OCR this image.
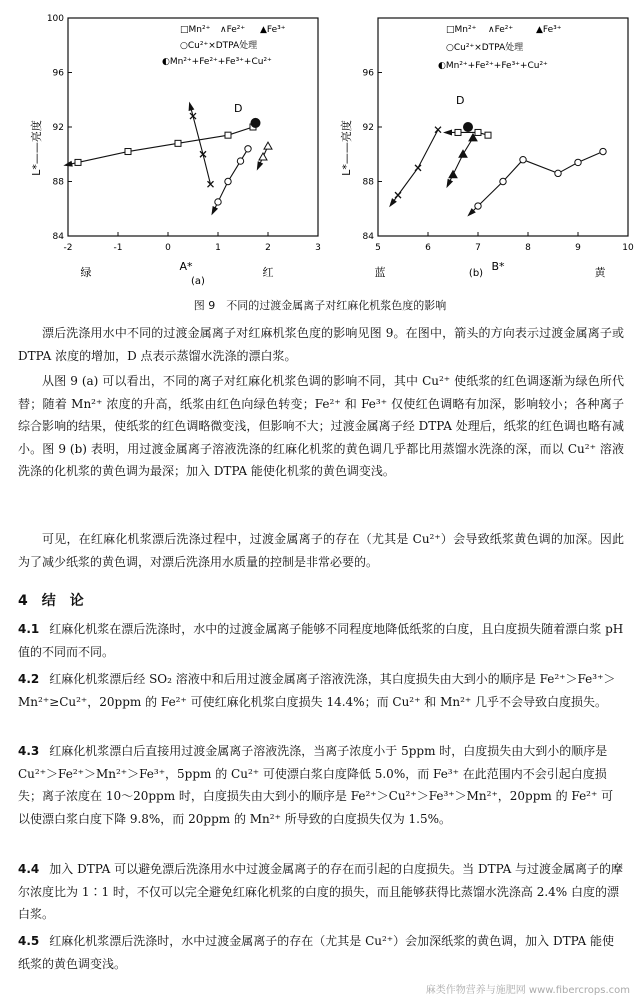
-2	-1	0	1	2	3
84
88
92
96
100
L*——亮度
绿	A*
(a)
红
□Mn²⁺ ∧Fe²⁺ ▲Fe³⁺
○Cu²⁺×DTPA处理
◐Mn²⁺+Fe²⁺+Fe³⁺+Cu²⁺
D
5	6	7	8	9	10
84
88
92
96
L*——亮度
蓝	B*
(b)	黄
□Mn²⁺ ∧Fe²⁺	▲Fe³⁺
○Cu²⁺×DTPA处理
◐Mn²⁺+Fe²⁺+Fe³⁺+Cu²⁺
D
图 9　不同的过渡金属离子对红麻化机浆色度的影响
漂后洗涤用水中不同的过渡金属离子对红麻机浆色度的影响见图 9。在图中，箭头的方向表示过渡金属离子或 DTPA 浓度的增加，D 点表示蒸馏水洗涤的漂白浆。
从图 9 (a) 可以看出，不同的离子对红麻化机浆色调的影响不同，其中 Cu²⁺ 使纸浆的红色调逐渐为绿色所代替；随着 Mn²⁺ 浓度的升高，纸浆由红色向绿色转变；Fe²⁺ 和 Fe³⁺ 仅使红色调略有加深，影响较小；各种离子综合影响的结果，使纸浆的红色调略微变浅，但影响不大；过渡金属离子经 DTPA 处理后，纸浆的红色调也略有减小。图 9 (b) 表明，用过渡金属离子溶液洗涤的红麻化机浆的黄色调几乎都比用蒸馏水洗涤的深，而以 Cu²⁺ 溶液洗涤的化机浆的黄色调为最深；加入 DTPA 能使化机浆的黄色调变浅。
可见，在红麻化机浆漂后洗涤过程中，过渡金属离子的存在（尤其是 Cu²⁺）会导致纸浆黄色调的加深。因此为了减少纸浆的黄色调，对漂后洗涤用水质量的控制是非常必要的。
4　结　论
4.1 红麻化机浆在漂后洗涤时，水中的过渡金属离子能够不同程度地降低纸浆的白度，且白度损失随着漂白浆 pH 值的不同而不同。
4.2 红麻化机浆漂后经 SO₂ 溶液中和后用过渡金属离子溶液洗涤，其白度损失由大到小的顺序是 Fe²⁺＞Fe³⁺＞Mn²⁺≥Cu²⁺，20ppm 的 Fe²⁺ 可使红麻化机浆白度损失 14.4%；而 Cu²⁺ 和 Mn²⁺ 几乎不会导致白度损失。
4.3 红麻化机浆漂白后直接用过渡金属离子溶液洗涤，当离子浓度小于 5ppm 时，白度损失由大到小的顺序是 Cu²⁺＞Fe²⁺＞Mn²⁺＞Fe³⁺，5ppm 的 Cu²⁺ 可使漂白浆白度降低 5.0%，而 Fe³⁺ 在此范围内不会引起白度损失；离子浓度在 10～20ppm 时，白度损失由大到小的顺序是 Fe²⁺＞Cu²⁺＞Fe³⁺＞Mn²⁺，20ppm 的 Fe²⁺ 可以使漂白浆白度下降 9.8%，而 20ppm 的 Mn²⁺ 所导致的白度损失仅为 1.5%。
4.4 加入 DTPA 可以避免漂后洗涤用水中过渡金属离子的存在而引起的白度损失。当 DTPA 与过渡金属离子的摩尔浓度比为 1∶1 时，不仅可以完全避免红麻化机浆的白度的损失，而且能够获得比蒸馏水洗涤高 2.4% 白度的漂白浆。
4.5 红麻化机浆漂后洗涤时，水中过渡金属离子的存在（尤其是 Cu²⁺）会加深纸浆的黄色调，加入 DTPA 能使纸浆的黄色调变浅。
麻类作物营养与施肥网 www.fibercrops.com
